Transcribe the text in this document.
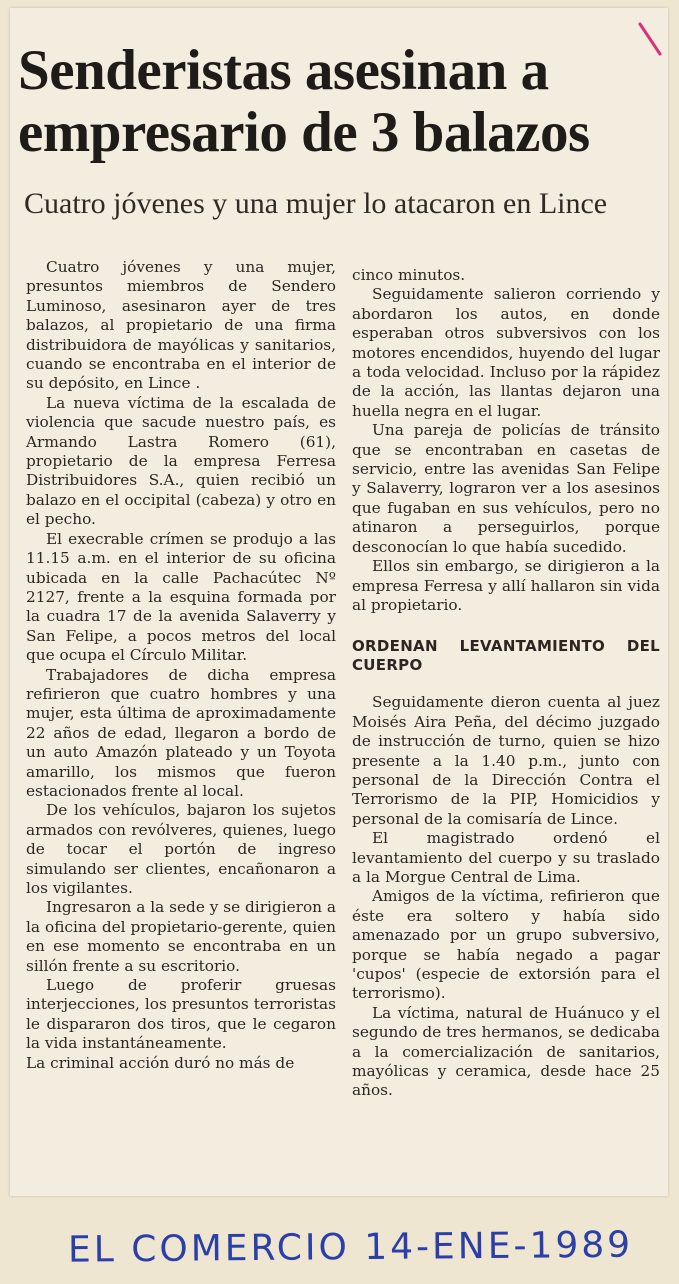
Senderistas asesinan a
empresario de 3 balazos
Cuatro jóvenes y una mujer lo atacaron en Lince

Cuatro jóvenes y una mujer, presuntos miembros de Sendero Luminoso, asesinaron ayer de tres balazos, al propietario de una firma distribuidora de mayólicas y sanitarios, cuando se encontraba en el interior de su depósito, en Lince .

La nueva víctima de la escalada de violencia que sacude nuestro país, es Armando Lastra Romero (61), propietario de la empresa Ferresa Distribuidores S.A., quien recibió un balazo en el occipital (cabeza) y otro en el pecho.

El execrable crímen se produjo a las 11.15 a.m. en el interior de su oficina ubicada en la calle Pachacútec Nº 2127, frente a la esquina formada por la cuadra 17 de la avenida Salaverry y San Felipe, a pocos metros del local que ocupa el Círculo Militar.

Trabajadores de dicha empresa refirieron que cuatro hombres y una mujer, esta última de aproximadamente 22 años de edad, llegaron a bordo de un auto Amazón plateado y un Toyota amarillo, los mismos que fueron estacionados frente al local.

De los vehículos, bajaron los sujetos armados con revólveres, quienes, luego de tocar el portón de ingreso simulando ser clientes, encañonaron a los vigilantes.

Ingresaron a la sede y se dirigieron a la oficina del propietario-gerente, quien en ese momento se encontraba en un sillón frente a su escritorio.

Luego de proferir gruesas interjecciones, los presuntos terroristas le dispararon dos tiros, que le cegaron la vida instantáneamente.

La criminal acción duró no más de

cinco minutos.

Seguidamente salieron corriendo y abordaron los autos, en donde esperaban otros subversivos con los motores encendidos, huyendo del lugar a toda velocidad. Incluso por la rápidez de la acción, las llantas dejaron una huella negra en el lugar.

Una pareja de policías de tránsito que se encontraban en casetas de servicio, entre las avenidas San Felipe y Salaverry, lograron ver a los asesinos que fugaban en sus vehículos, pero no atinaron a perseguirlos, porque desconocían lo que había sucedido.

Ellos sin embargo, se dirigieron a la empresa Ferresa y allí hallaron sin vida al propietario.

ORDENAN LEVANTAMIENTO DEL CUERPO

Seguidamente dieron cuenta al juez Moisés Aira Peña, del décimo juzgado de instrucción de turno, quien se hizo presente a la 1.40 p.m., junto con personal de la Dirección Contra el Terrorismo de la PIP, Homicidios y personal de la comisaría de Lince.

El magistrado ordenó el levantamiento del cuerpo y su traslado a la Morgue Central de Lima.

Amigos de la víctima, refirieron que éste era soltero y había sido amenazado por un grupo subversivo, porque se había negado a pagar 'cupos' (especie de extorsión para el terrorismo).

La víctima, natural de Huánuco y el segundo de tres hermanos, se dedicaba a la comercialización de sanitarios, mayólicas y ceramica, desde hace 25 años.

EL COMERCIO 14-ENE-1989
